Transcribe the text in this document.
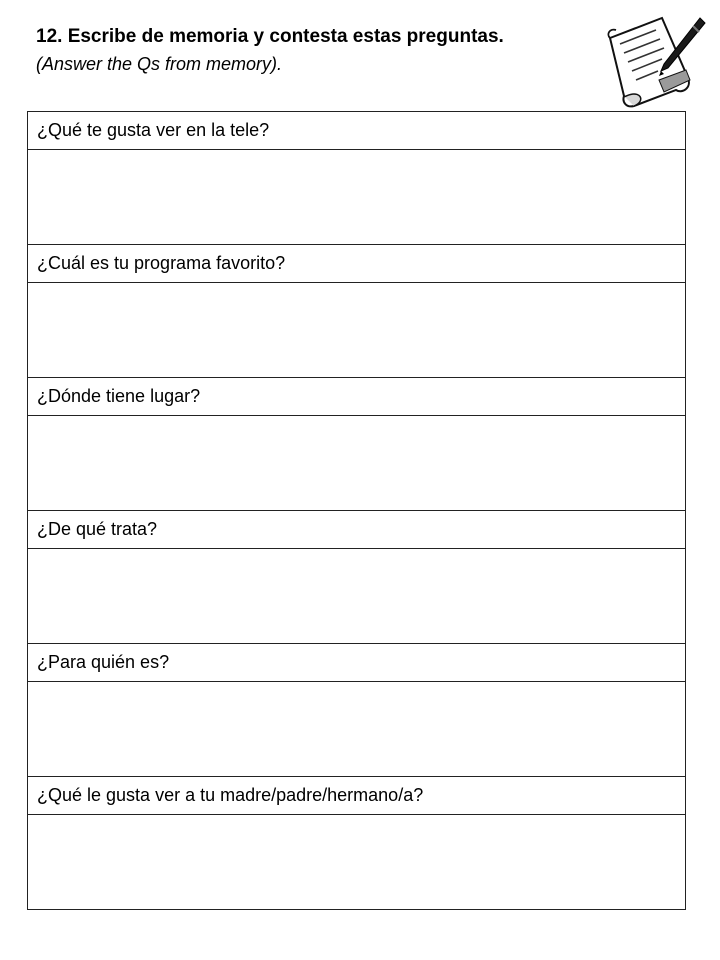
12. Escribe de memoria y contesta estas preguntas.

(Answer the Qs from memory).

¿Qué te gusta ver en la tele?

¿Cuál es tu programa favorito?

¿Dónde tiene lugar?

¿De qué trata?

¿Para quién es?

¿Qué le gusta ver a tu madre/padre/hermano/a?
